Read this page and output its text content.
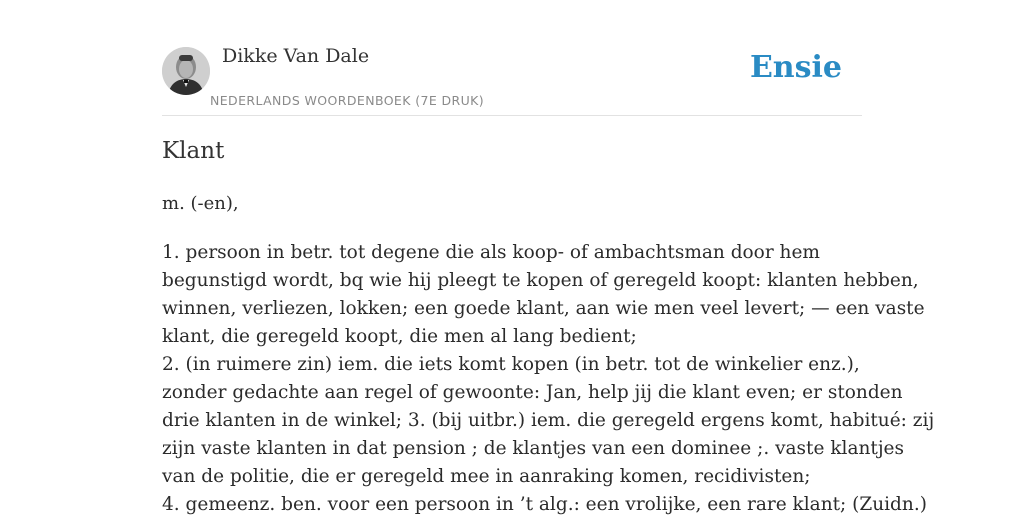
Dikke Van Dale
NEDERLANDS WOORDENBOEK (7E DRUK)
Ensie
Klant
m. (-en),
1. persoon in betr. tot degene die als koop- of ambachtsman door hem
begunstigd wordt, bq wie hij pleegt te kopen of geregeld koopt: klanten hebben,
winnen, verliezen, lokken; een goede klant, aan wie men veel levert; — een vaste
klant, die geregeld koopt, die men al lang bedient;
2. (in ruimere zin) iem. die iets komt kopen (in betr. tot de winkelier enz.),
zonder gedachte aan regel of gewoonte: Jan, help jij die klant even; er stonden
drie klanten in de winkel; 3. (bij uitbr.) iem. die geregeld ergens komt, habitué: zij
zijn vaste klanten in dat pension ; de klantjes van een dominee ;. vaste klantjes
van de politie, die er geregeld mee in aanraking komen, recidivisten;
4. gemeenz. ben. voor een persoon in ’t alg.: een vrolijke, een rare klant; (Zuidn.)
